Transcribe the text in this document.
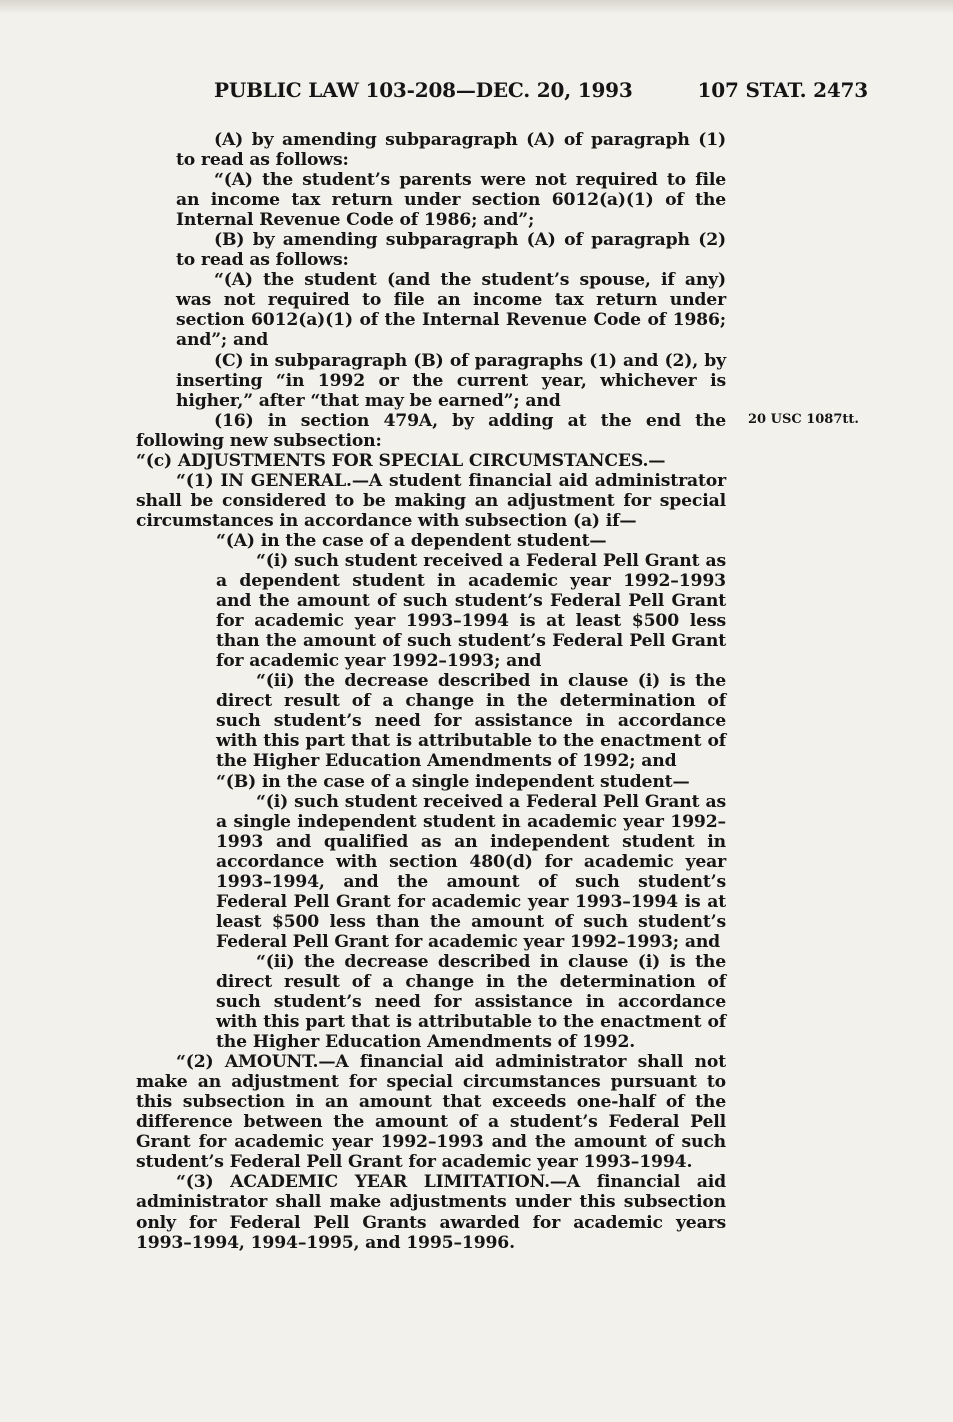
PUBLIC LAW 103-208—DEC. 20, 1993	107 STAT. 2473
20 USC 1087tt.

(A) by amending subparagraph (A) of paragraph (1) to read as follows:

“(A) the student’s parents were not required to file an income tax return under section 6012(a)(1) of the Internal Revenue Code of 1986; and”;

(B) by amending subparagraph (A) of paragraph (2) to read as follows:

“(A) the student (and the student’s spouse, if any) was not required to file an income tax return under section 6012(a)(1) of the Internal Revenue Code of 1986; and”; and

(C) in subparagraph (B) of paragraphs (1) and (2), by inserting “in 1992 or the current year, whichever is higher,” after “that may be earned”; and

(16) in section 479A, by adding at the end the following new subsection:

“(c) ADJUSTMENTS FOR SPECIAL CIRCUMSTANCES.—

“(1) IN GENERAL.—A student financial aid administrator shall be considered to be making an adjustment for special circumstances in accordance with subsection (a) if—

“(A) in the case of a dependent student—

“(i) such student received a Federal Pell Grant as a dependent student in academic year 1992–1993 and the amount of such student’s Federal Pell Grant for academic year 1993–1994 is at least $500 less than the amount of such student’s Federal Pell Grant for academic year 1992–1993; and

“(ii) the decrease described in clause (i) is the direct result of a change in the determination of such student’s need for assistance in accordance with this part that is attributable to the enactment of the Higher Education Amendments of 1992; and

“(B) in the case of a single independent student—

“(i) such student received a Federal Pell Grant as a single independent student in academic year 1992–1993 and qualified as an independent student in accordance with section 480(d) for academic year 1993–1994, and the amount of such student’s Federal Pell Grant for academic year 1993–1994 is at least $500 less than the amount of such student’s Federal Pell Grant for academic year 1992–1993; and

“(ii) the decrease described in clause (i) is the direct result of a change in the determination of such student’s need for assistance in accordance with this part that is attributable to the enactment of the Higher Education Amendments of 1992.

“(2) AMOUNT.—A financial aid administrator shall not make an adjustment for special circumstances pursuant to this subsection in an amount that exceeds one-half of the difference between the amount of a student’s Federal Pell Grant for academic year 1992–1993 and the amount of such student’s Federal Pell Grant for academic year 1993–1994.

“(3) ACADEMIC YEAR LIMITATION.—A financial aid administrator shall make adjustments under this subsection only for Federal Pell Grants awarded for academic years 1993–1994, 1994–1995, and 1995–1996.
